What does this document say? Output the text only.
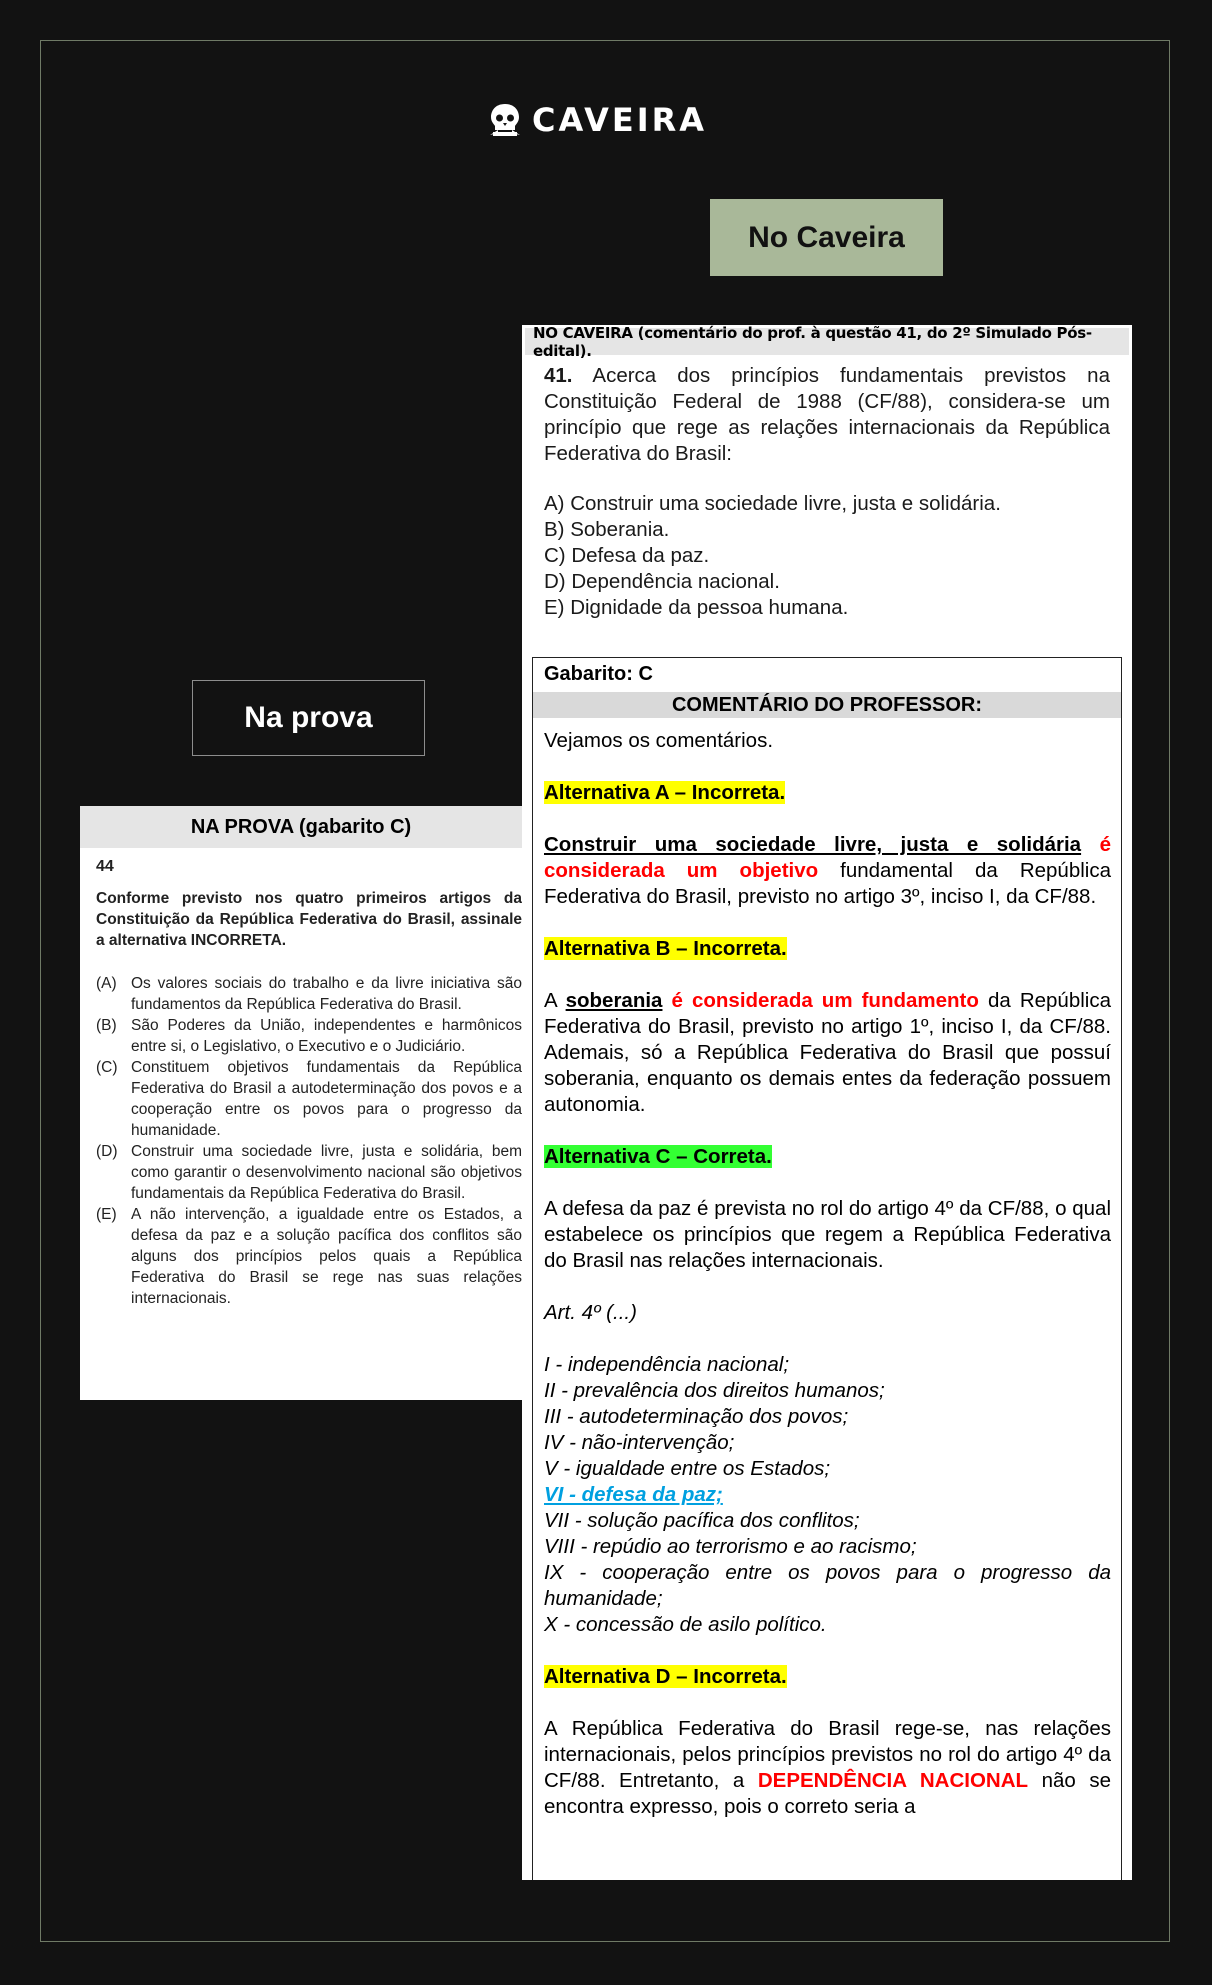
CAVEIRA
No Caveira
Na prova
NO CAVEIRA (comentário do prof. à questão 41, do 2º Simulado Pós-edital).

41. Acerca dos princípios fundamentais previstos na Constituição Federal de 1988 (CF/88), considera-se um princípio que rege as relações internacionais da República Federativa do Brasil:

A) Construir uma sociedade livre, justa e solidária.
B) Soberania.
C) Defesa da paz.
D) Dependência nacional.
E) Dignidade da pessoa humana.
Gabarito: C
COMENTÁRIO DO PROFESSOR:
Vejamos os comentários.
Alternativa A – Incorreta.

Construir uma sociedade livre, justa e solidária é considerada um objetivo fundamental da República Federativa do Brasil, previsto no artigo 3º, inciso I, da CF/88.

Alternativa B – Incorreta.

A soberania é considerada um fundamento da República Federativa do Brasil, previsto no artigo 1º, inciso I, da CF/88. Ademais, só a República Federativa do Brasil que possuí soberania, enquanto os demais entes da federação possuem autonomia.

Alternativa C – Correta.

A defesa da paz é prevista no rol do artigo 4º da CF/88, o qual estabelece os princípios que regem a República Federativa do Brasil nas relações internacionais.

Art. 4º (...)
I - independência nacional;
II - prevalência dos direitos humanos;
III - autodeterminação dos povos;
IV - não-intervenção;
V - igualdade entre os Estados;
VI - defesa da paz;
VII - solução pacífica dos conflitos;
VIII - repúdio ao terrorismo e ao racismo;
IX - cooperação entre os povos para o progresso da humanidade;
X - concessão de asilo político.
Alternativa D – Incorreta.

A República Federativa do Brasil rege-se, nas relações internacionais, pelos princípios previstos no rol do artigo 4º da CF/88. Entretanto, a DEPENDÊNCIA NACIONAL não se encontra expresso, pois o correto seria a

NA PROVA (gabarito C)
44
Conforme previsto nos quatro primeiros artigos da Constituição da República Federativa do Brasil, assinale a alternativa INCORRETA.
(A) Os valores sociais do trabalho e da livre iniciativa são fundamentos da República Federativa do Brasil.
(B) São Poderes da União, independentes e harmônicos entre si, o Legislativo, o Executivo e o Judiciário.
(C) Constituem objetivos fundamentais da República Federativa do Brasil a autodeterminação dos povos e a cooperação entre os povos para o progresso da humanidade.
(D) Construir uma sociedade livre, justa e solidária, bem como garantir o desenvolvimento nacional são objetivos fundamentais da República Federativa do Brasil.
(E) A não intervenção, a igualdade entre os Estados, a defesa da paz e a solução pacífica dos conflitos são alguns dos princípios pelos quais a República Federativa do Brasil se rege nas suas relações internacionais.
